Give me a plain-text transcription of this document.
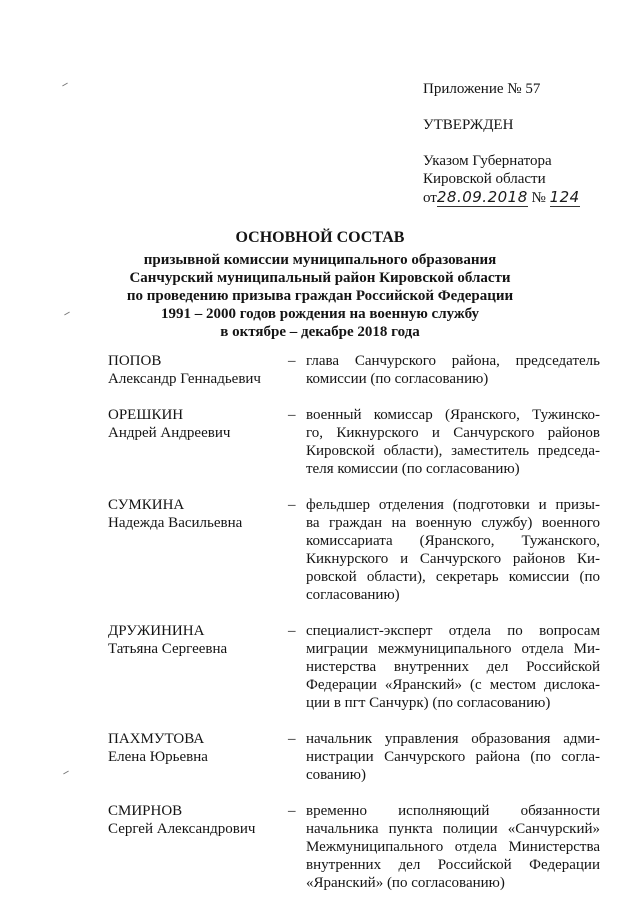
Приложение № 57
УТВЕРЖДЕН
Указом Губернатора
Кировской области
от28.09.2018 № 124
ОСНОВНОЙ СОСТАВ
призывной комиссии муниципального образования
Санчурский муниципальный район Кировской области
по проведению призыва граждан Российской Федерации
1991 – 2000 годов рождения на военную службу
в октябре – декабре 2018 года
ПОПОВ
Александр Геннадьевич
– глава Санчурского района, председатель
комиссии (по согласованию)
ОРЕШКИН
Андрей Андреевич
– военный комиссар (Яранского, Тужинско-
го, Кикнурского и Санчурского районов
Кировской области), заместитель председа-
теля комиссии (по согласованию)
СУМКИНА
Надежда Васильевна
– фельдшер отделения (подготовки и призы-
ва граждан на военную службу) военного
комиссариата (Яранского, Тужанского,
Кикнурского и Санчурского районов Ки-
ровской области), секретарь комиссии (по
согласованию)
ДРУЖИНИНА
Татьяна Сергеевна
– специалист-эксперт отдела по вопросам
миграции межмуниципального отдела Ми-
нистерства внутренних дел Российской
Федерации «Яранский» (с местом дислока-
ции в пгт Санчурк) (по согласованию)
ПАХМУТОВА
Елена Юрьевна
– начальник управления образования адми-
нистрации Санчурского района (по согла-
сованию)
СМИРНОВ
Сергей Александрович
– временно исполняющий обязанности
начальника пункта полиции «Санчурский»
Межмуниципального отдела Министерства
внутренних дел Российской Федерации
«Яранский» (по согласованию)
